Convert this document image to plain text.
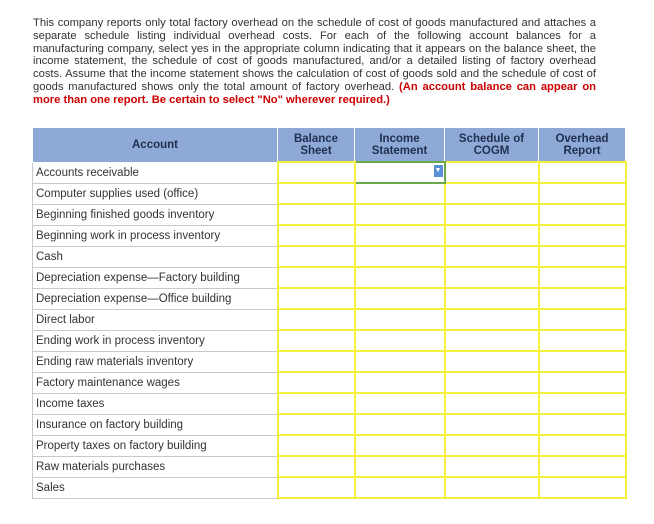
This company reports only total factory overhead on the schedule of cost of goods manufactured and attaches a separate schedule listing individual overhead costs. For each of the following account balances for a manufacturing company, select yes in the appropriate column indicating that it appears on the balance sheet, the income statement, the schedule of cost of goods manufactured, and/or a detailed listing of factory overhead costs. Assume that the income statement shows the calculation of cost of goods sold and the schedule of cost of goods manufactured shows only the total amount of factory overhead. (An account balance can appear on more than one report. Be certain to select "No" wherever required.)

Account	Balance Sheet	Income Statement	Schedule of COGM	Overhead Report
Accounts receivable		▼		

Computer supplies used (office)				
Beginning finished goods inventory				
Beginning work in process inventory				
Cash				
Depreciation expense—Factory building				
Depreciation expense—Office building				
Direct labor				
Ending work in process inventory				
Ending raw materials inventory				
Factory maintenance wages				
Income taxes				
Insurance on factory building				
Property taxes on factory building				
Raw materials purchases				
Sales				
